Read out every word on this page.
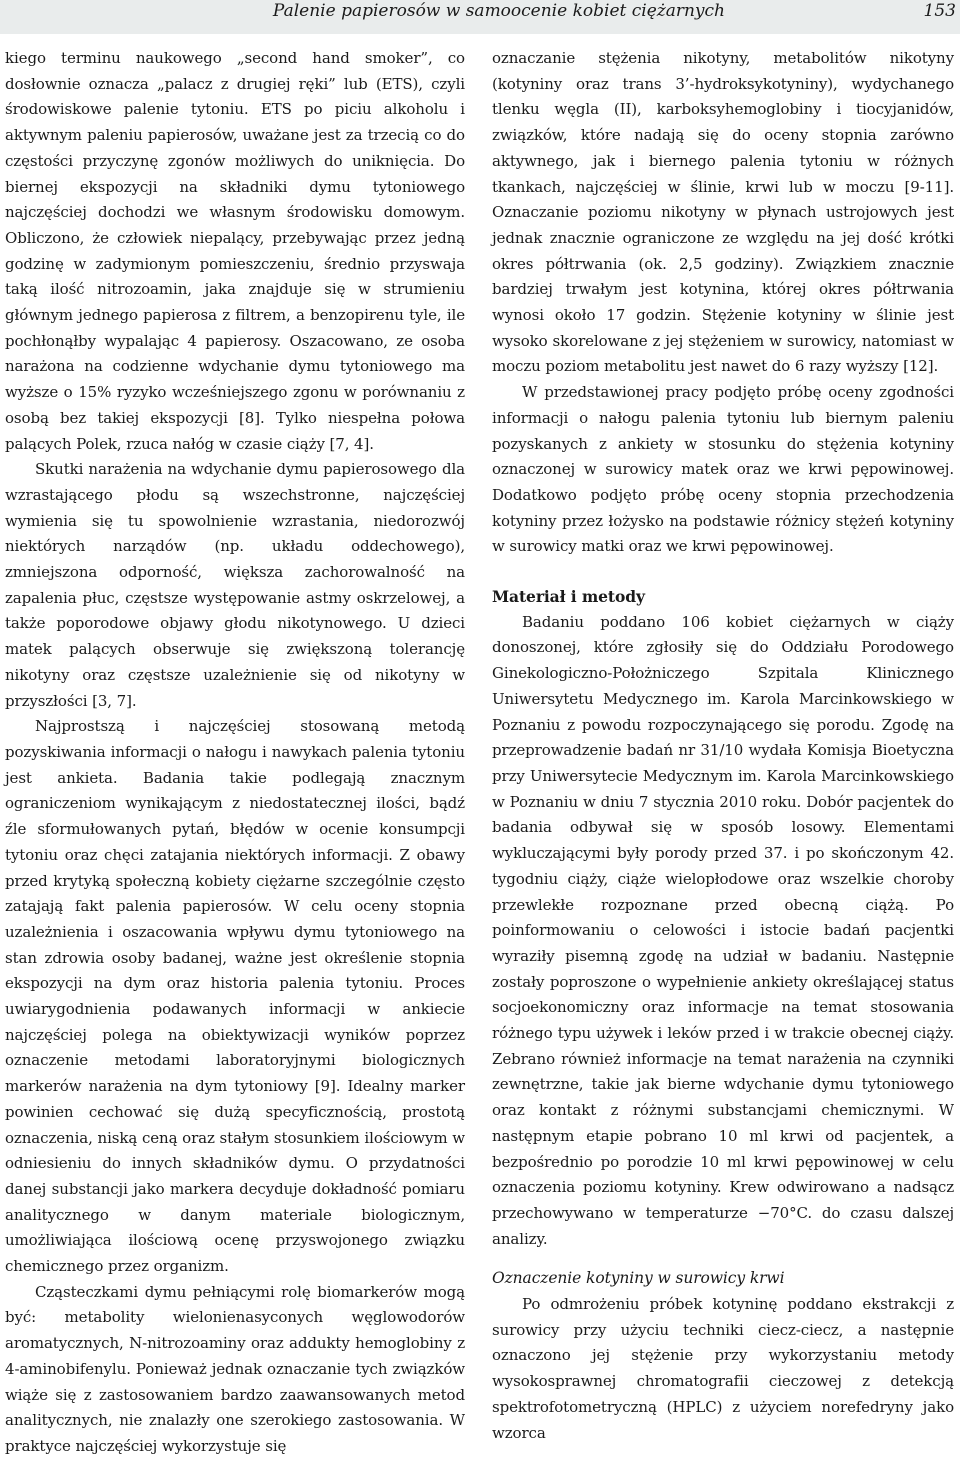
Palenie papierosów w samoocenie kobiet ciężarnych	153

kiego terminu naukowego „second hand smoker”, co dosłownie oznacza „palacz z drugiej ręki” lub (ETS), czyli środowiskowe palenie tytoniu. ETS po piciu alkoholu i aktywnym paleniu papierosów, uważane jest za trzecią co do częstości przyczynę zgonów możliwych do uniknięcia. Do biernej ekspozycji na składniki dymu tytoniowego najczęściej dochodzi we własnym środowisku domowym. Obliczono, że człowiek niepalący, przebywając przez jedną godzinę w zadymionym pomieszczeniu, średnio przyswaja taką ilość nitrozoamin, jaka znajduje się w strumieniu głównym jednego papierosa z filtrem, a benzopirenu tyle, ile pochłonąłby wypalając 4 papierosy. Oszacowano, ze osoba narażona na codzienne wdychanie dymu tytoniowego ma wyższe o 15% ryzyko wcześniejszego zgonu w porównaniu z osobą bez takiej ekspozycji [8]. Tylko niespełna połowa palących Polek, rzuca nałóg w czasie ciąży [7, 4].

Skutki narażenia na wdychanie dymu papierosowego dla wzrastającego płodu są wszechstronne, najczęściej wymienia się tu spowolnienie wzrastania, niedorozwój niektórych narządów (np. układu oddechowego), zmniejszona odporność, większa zachorowalność na zapalenia płuc, częstsze występowanie astmy oskrzelowej, a także poporodowe objawy głodu nikotynowego. U dzieci matek palących obserwuje się zwiększoną tolerancję nikotyny oraz częstsze uzależnienie się od nikotyny w przyszłości [3, 7].

Najprostszą i najczęściej stosowaną metodą pozyskiwania informacji o nałogu i nawykach palenia tytoniu jest ankieta. Badania takie podlegają znacznym ograniczeniom wynikającym z niedostatecznej ilości, bądź źle sformułowanych pytań, błędów w ocenie konsumpcji tytoniu oraz chęci zatajania niektórych informacji. Z obawy przed krytyką społeczną kobiety ciężarne szczególnie często zatajają fakt palenia papierosów. W celu oceny stopnia uzależnienia i oszacowania wpływu dymu tytoniowego na stan zdrowia osoby badanej, ważne jest określenie stopnia ekspozycji na dym oraz historia palenia tytoniu. Proces uwiarygodnienia podawanych informacji w ankiecie najczęściej polega na obiektywizacji wyników poprzez oznaczenie metodami laboratoryjnymi biologicznych markerów narażenia na dym tytoniowy [9]. Idealny marker powinien cechować się dużą specyficznością, prostotą oznaczenia, niską ceną oraz stałym stosunkiem ilościowym w odniesieniu do innych składników dymu. O przydatności danej substancji jako markera decyduje dokładność pomiaru analitycznego w danym materiale biologicznym, umożliwiająca ilościową ocenę przyswojonego związku chemicznego przez organizm.

Cząsteczkami dymu pełniącymi rolę biomarkerów mogą być: metabolity wielonienasyconych węglowodorów aromatycznych, N-nitrozoaminy oraz addukty hemoglobiny z 4-aminobifenylu. Ponieważ jednak oznaczanie tych związków wiąże się z zastosowaniem bardzo zaawansowanych metod analitycznych, nie znalazły one szerokiego zastosowania. W praktyce najczęściej wykorzystuje się

oznaczanie stężenia nikotyny, metabolitów nikotyny (kotyniny oraz trans 3’-hydroksykotyniny), wydychanego tlenku węgla (II), karboksyhemoglobiny i tiocyjanidów, związków, które nadają się do oceny stopnia zarówno aktywnego, jak i biernego palenia tytoniu w różnych tkankach, najczęściej w ślinie, krwi lub w moczu [9-11]. Oznaczanie poziomu nikotyny w płynach ustrojowych jest jednak znacznie ograniczone ze względu na jej dość krótki okres półtrwania (ok. 2,5 godziny). Związkiem znacznie bardziej trwałym jest kotynina, której okres półtrwania wynosi około 17 godzin. Stężenie kotyniny w ślinie jest wysoko skorelowane z jej stężeniem w surowicy, natomiast w moczu poziom metabolitu jest nawet do 6 razy wyższy [12].

W przedstawionej pracy podjęto próbę oceny zgodności informacji o nałogu palenia tytoniu lub biernym paleniu pozyskanych z ankiety w stosunku do stężenia kotyniny oznaczonej w surowicy matek oraz we krwi pępowinowej. Dodatkowo podjęto próbę oceny stopnia przechodzenia kotyniny przez łożysko na podstawie różnicy stężeń kotyniny w surowicy matki oraz we krwi pępowinowej.

Materiał i metody

Badaniu poddano 106 kobiet ciężarnych w ciąży donoszonej, które zgłosiły się do Oddziału Porodowego Ginekologiczno-Położniczego Szpitala Klinicznego Uniwersytetu Medycznego im. Karola Marcinkowskiego w Poznaniu z powodu rozpoczynającego się porodu. Zgodę na przeprowadzenie badań nr 31/10 wydała Komisja Bioetyczna przy Uniwersytecie Medycznym im. Karola Marcinkowskiego w Poznaniu w dniu 7 stycznia 2010 roku. Dobór pacjentek do badania odbywał się w sposób losowy. Elementami wykluczającymi były porody przed 37. i po skończonym 42. tygodniu ciąży, ciąże wielopłodowe oraz wszelkie choroby przewlekłe rozpoznane przed obecną ciążą. Po poinformowaniu o celowości i istocie badań pacjentki wyraziły pisemną zgodę na udział w badaniu. Następnie zostały poproszone o wypełnienie ankiety określającej status socjoekonomiczny oraz informacje na temat stosowania różnego typu używek i leków przed i w trakcie obecnej ciąży. Zebrano również informacje na temat narażenia na czynniki zewnętrzne, takie jak bierne wdychanie dymu tytoniowego oraz kontakt z różnymi substancjami chemicznymi. W następnym etapie pobrano 10 ml krwi od pacjentek, a bezpośrednio po porodzie 10 ml krwi pępowinowej w celu oznaczenia poziomu kotyniny. Krew odwirowano a nadsącz przechowywano w temperaturze −70°C. do czasu dalszej analizy.

Oznaczenie kotyniny w surowicy krwi

Po odmrożeniu próbek kotyninę poddano ekstrakcji z surowicy przy użyciu techniki ciecz-ciecz, a następnie oznaczono jej stężenie przy wykorzystaniu metody wysokosprawnej chromatografii cieczowej z detekcją spektrofotometryczną (HPLC) z użyciem norefedryny jako wzorca
